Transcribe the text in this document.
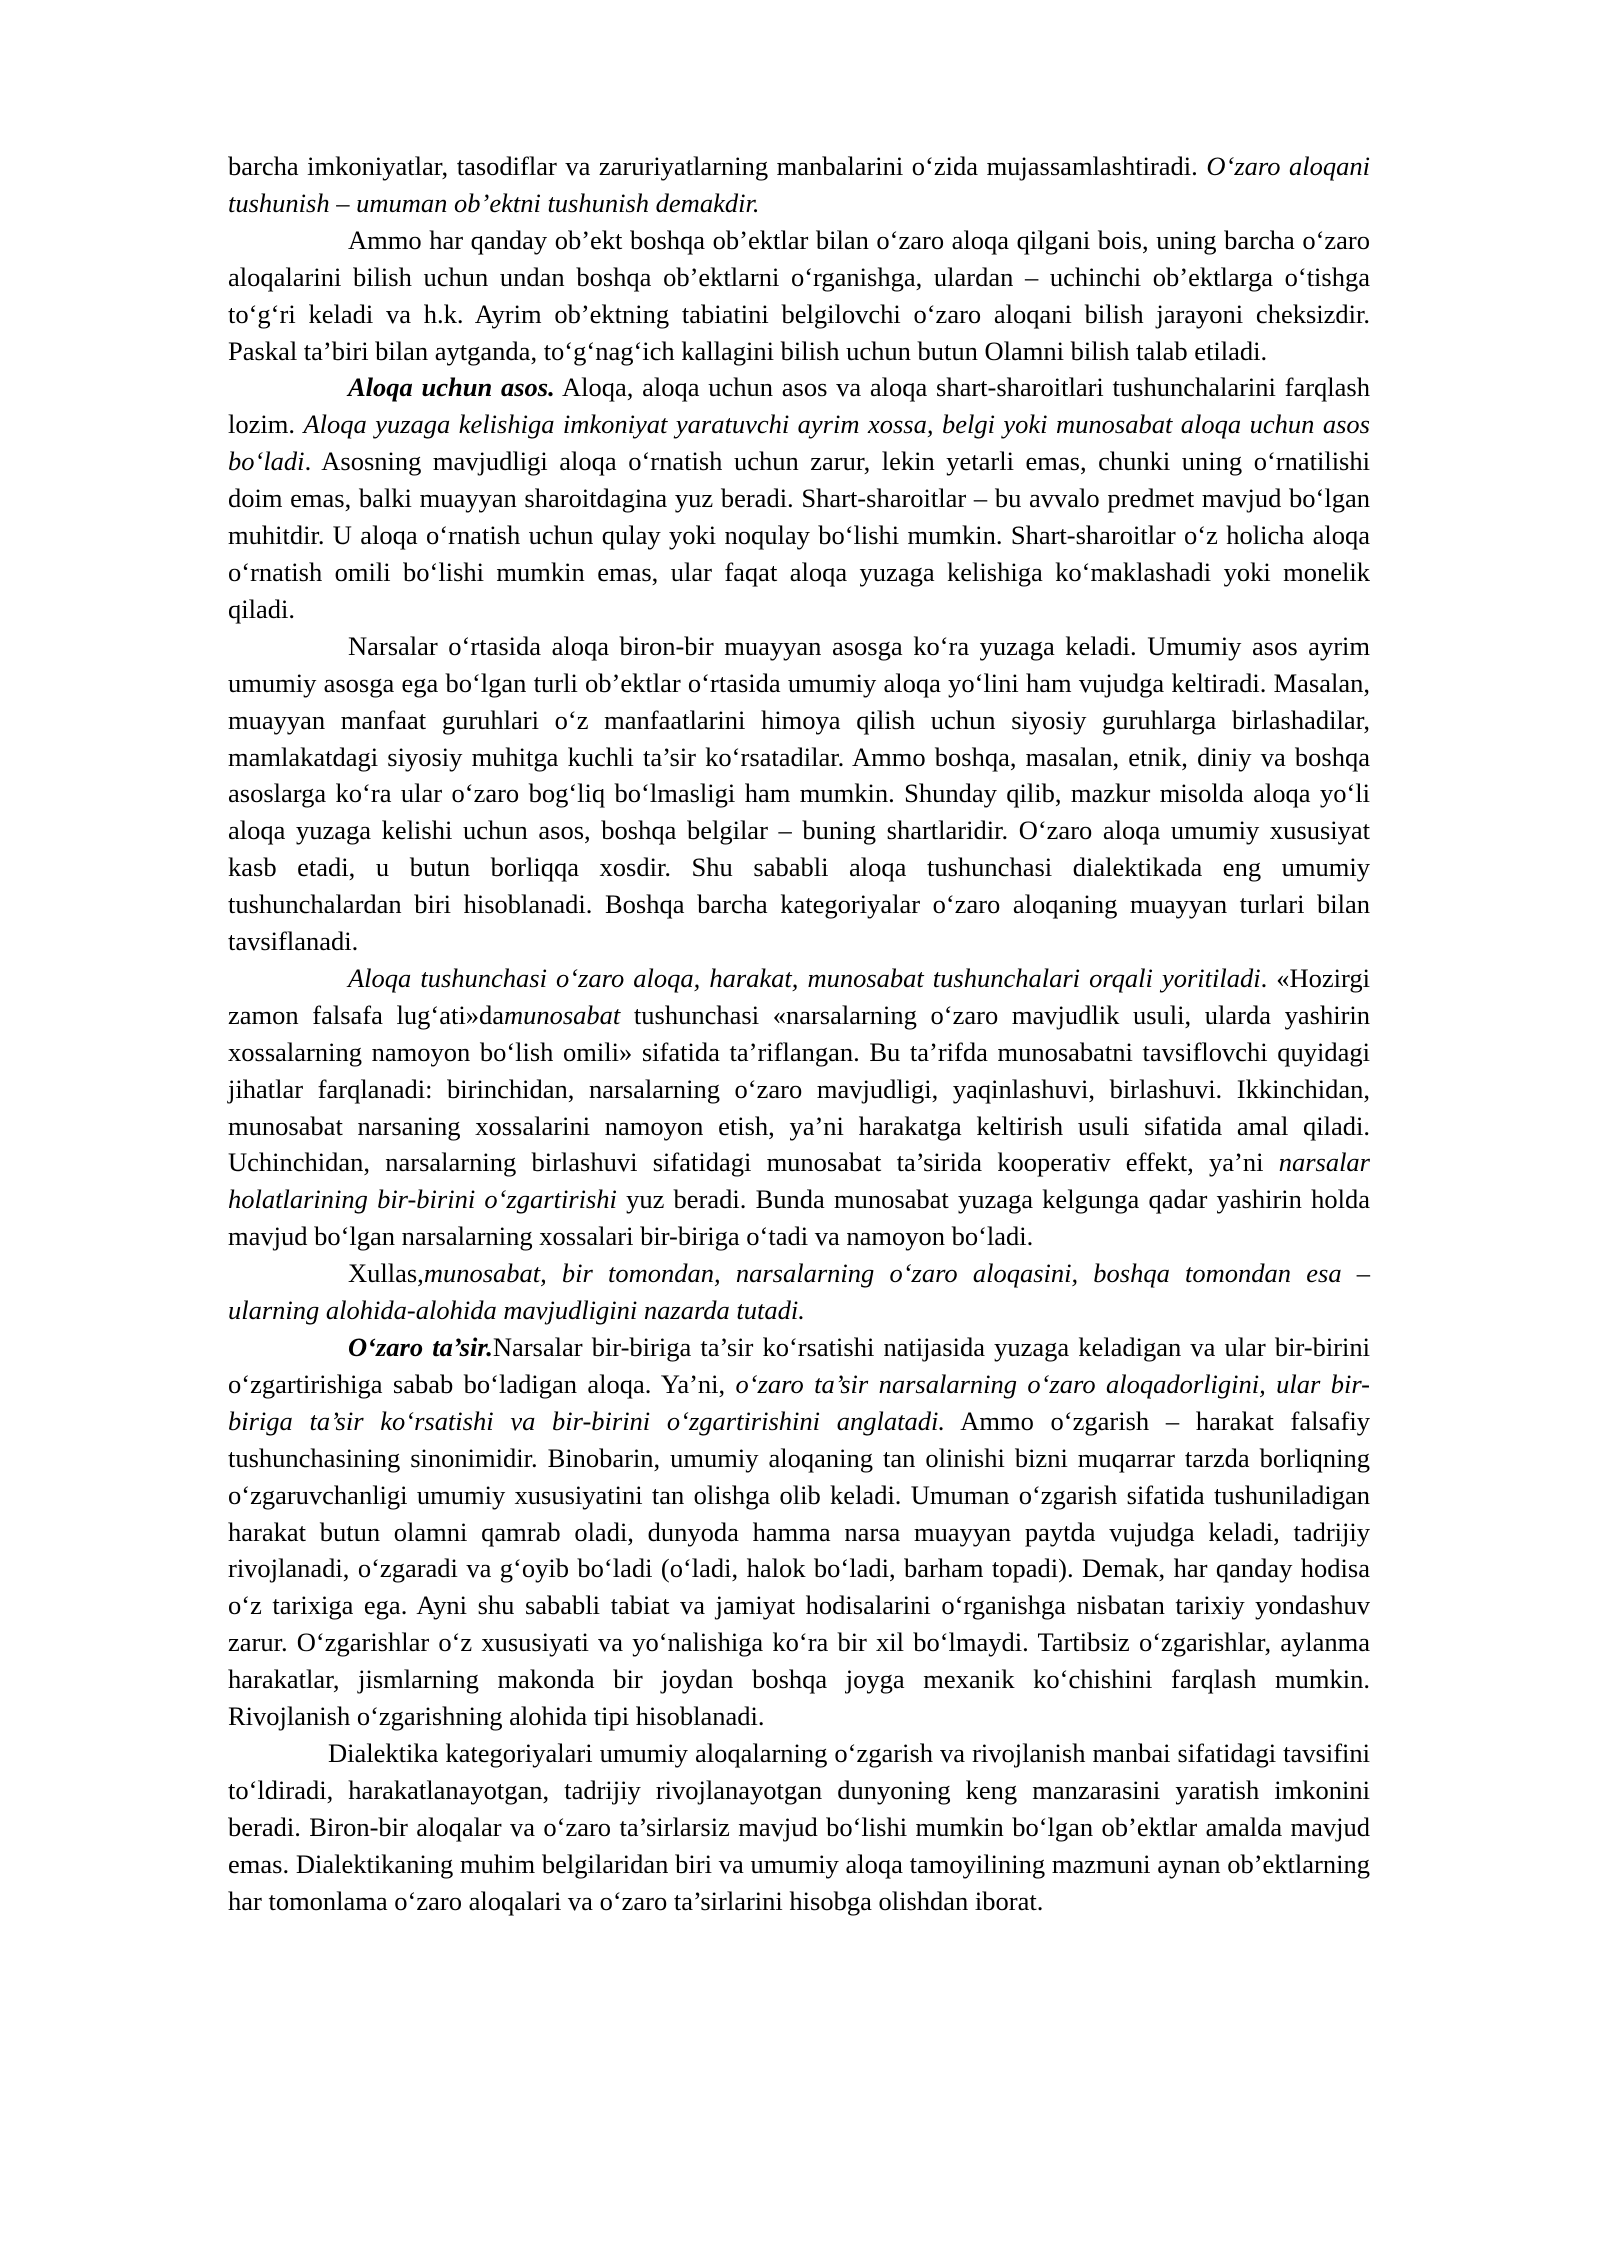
barcha imkoniyatlar, tasodiflar va zaruriyatlarning manbalarini o‘zida mujassamlashtiradi. O‘zaro aloqani tushunish – umuman ob’ektni tushunish demakdir.

Ammo har qanday ob’ekt boshqa ob’ektlar bilan o‘zaro aloqa qilgani bois, uning barcha o‘zaro aloqalarini bilish uchun undan boshqa ob’ektlarni o‘rganishga, ulardan – uchinchi ob’ektlarga o‘tishga to‘g‘ri keladi va h.k. Ayrim ob’ektning tabiatini belgilovchi o‘zaro aloqani bilish jarayoni cheksizdir. Paskal ta’biri bilan aytganda, to‘g‘nag‘ich kallagini bilish uchun butun Olamni bilish talab etiladi.

Aloqa uchun asos. Aloqa, aloqa uchun asos va aloqa shart-sharoitlari tushunchalarini farqlash lozim. Aloqa yuzaga kelishiga imkoniyat yaratuvchi ayrim xossa, belgi yoki munosabat aloqa uchun asos bo‘ladi. Asosning mavjudligi aloqa o‘rnatish uchun zarur, lekin yetarli emas, chunki uning o‘rnatilishi doim emas, balki muayyan sharoitdagina yuz beradi. Shart-sharoitlar – bu avvalo predmet mavjud bo‘lgan muhitdir. U aloqa o‘rnatish uchun qulay yoki noqulay bo‘lishi mumkin. Shart-sharoitlar o‘z holicha aloqa o‘rnatish omili bo‘lishi mumkin emas, ular faqat aloqa yuzaga kelishiga ko‘maklashadi yoki monelik qiladi.

Narsalar o‘rtasida aloqa biron-bir muayyan asosga ko‘ra yuzaga keladi. Umumiy asos ayrim umumiy asosga ega bo‘lgan turli ob’ektlar o‘rtasida umumiy aloqa yo‘lini ham vujudga keltiradi. Masalan, muayyan manfaat guruhlari o‘z manfaatlarini himoya qilish uchun siyosiy guruhlarga birlashadilar, mamlakatdagi siyosiy muhitga kuchli ta’sir ko‘rsatadilar. Ammo boshqa, masalan, etnik, diniy va boshqa asoslarga ko‘ra ular o‘zaro bog‘liq bo‘lmasligi ham mumkin. Shunday qilib, mazkur misolda aloqa yo‘li aloqa yuzaga kelishi uchun asos, boshqa belgilar – buning shartlaridir. O‘zaro aloqa umumiy xususiyat kasb etadi, u butun borliqqa xosdir. Shu sababli aloqa tushunchasi dialektikada eng umumiy tushunchalardan biri hisoblanadi. Boshqa barcha kategoriyalar o‘zaro aloqaning muayyan turlari bilan tavsiflanadi.

Aloqa tushunchasi o‘zaro aloqa, harakat, munosabat tushunchalari orqali yoritiladi. «Hozirgi zamon falsafa lug‘ati»damunosabat tushunchasi «narsalarning o‘zaro mavjudlik usuli, ularda yashirin xossalarning namoyon bo‘lish omili» sifatida ta’riflangan. Bu ta’rifda munosabatni tavsiflovchi quyidagi jihatlar farqlanadi: birinchidan, narsalarning o‘zaro mavjudligi, yaqinlashuvi, birlashuvi. Ikkinchidan, munosabat narsaning xossalarini namoyon etish, ya’ni harakatga keltirish usuli sifatida amal qiladi. Uchinchidan, narsalarning birlashuvi sifatidagi munosabat ta’sirida kooperativ effekt, ya’ni narsalar holatlarining bir-birini o‘zgartirishi yuz beradi. Bunda munosabat yuzaga kelgunga qadar yashirin holda mavjud bo‘lgan narsalarning xossalari bir-biriga o‘tadi va namoyon bo‘ladi.

Xullas,munosabat, bir tomondan, narsalarning o‘zaro aloqasini, boshqa tomondan esa – ularning alohida-alohida mavjudligini nazarda tutadi.

O‘zaro ta’sir.Narsalar bir-biriga ta’sir ko‘rsatishi natijasida yuzaga keladigan va ular bir-birini o‘zgartirishiga sabab bo‘ladigan aloqa. Ya’ni, o‘zaro ta’sir narsalarning o‘zaro aloqadorligini, ular bir-biriga ta’sir ko‘rsatishi va bir-birini o‘zgartirishini anglatadi. Ammo o‘zgarish – harakat falsafiy tushunchasining sinonimidir. Binobarin, umumiy aloqaning tan olinishi bizni muqarrar tarzda borliqning o‘zgaruvchanligi umumiy xususiyatini tan olishga olib keladi. Umuman o‘zgarish sifatida tushuniladigan harakat butun olamni qamrab oladi, dunyoda hamma narsa muayyan paytda vujudga keladi, tadrijiy rivojlanadi, o‘zgaradi va g‘oyib bo‘ladi (o‘ladi, halok bo‘ladi, barham topadi). Demak, har qanday hodisa o‘z tarixiga ega. Ayni shu sababli tabiat va jamiyat hodisalarini o‘rganishga nisbatan tarixiy yondashuv zarur. O‘zgarishlar o‘z xususiyati va yo‘nalishiga ko‘ra bir xil bo‘lmaydi. Tartibsiz o‘zgarishlar, aylanma harakatlar, jismlarning makonda bir joydan boshqa joyga mexanik ko‘chishini farqlash mumkin. Rivojlanish o‘zgarishning alohida tipi hisoblanadi.

Dialektika kategoriyalari umumiy aloqalarning o‘zgarish va rivojlanish manbai sifatidagi tavsifini to‘ldiradi, harakatlanayotgan, tadrijiy rivojlanayotgan dunyoning keng manzarasini yaratish imkonini beradi. Biron-bir aloqalar va o‘zaro ta’sirlarsiz mavjud bo‘lishi mumkin bo‘lgan ob’ektlar amalda mavjud emas. Dialektikaning muhim belgilaridan biri va umumiy aloqa tamoyilining mazmuni aynan ob’ektlarning har tomonlama o‘zaro aloqalari va o‘zaro ta’sirlarini hisobga olishdan iborat.
